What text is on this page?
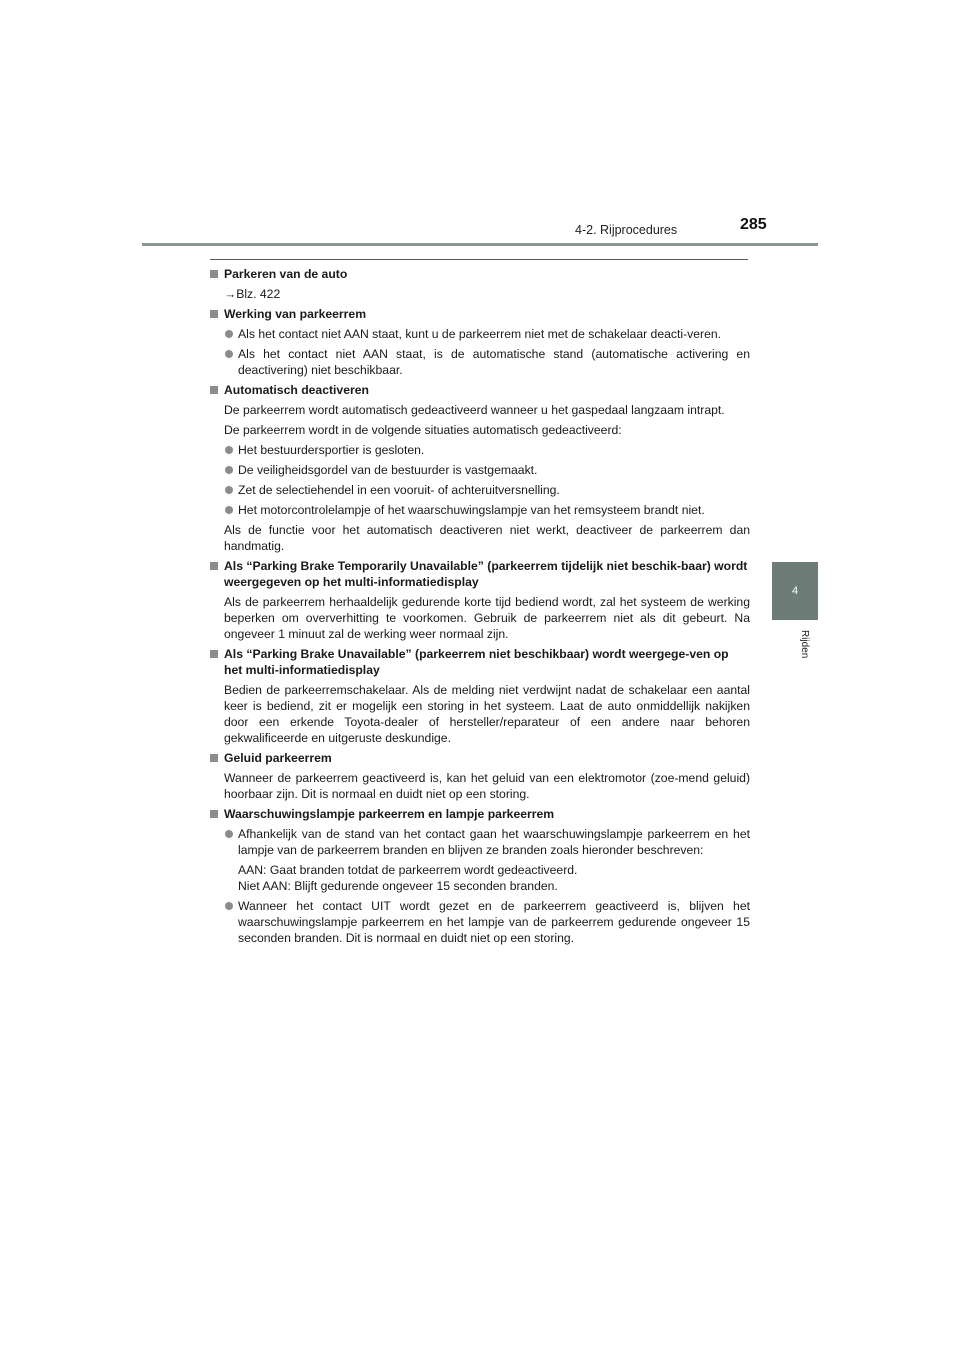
4-2. Rijprocedures	285
4
Rijden
Parkeren van de auto
→Blz. 422
Werking van parkeerrem
Als het contact niet AAN staat, kunt u de parkeerrem niet met de schakelaar deacti-veren.
Als het contact niet AAN staat, is de automatische stand (automatische activering en deactivering) niet beschikbaar.
Automatisch deactiveren
De parkeerrem wordt automatisch gedeactiveerd wanneer u het gaspedaal langzaam intrapt.
De parkeerrem wordt in de volgende situaties automatisch gedeactiveerd:
Het bestuurdersportier is gesloten.
De veiligheidsgordel van de bestuurder is vastgemaakt.
Zet de selectiehendel in een vooruit- of achteruitversnelling.
Het motorcontrolelampje of het waarschuwingslampje van het remsysteem brandt niet.
Als de functie voor het automatisch deactiveren niet werkt, deactiveer de parkeerrem dan handmatig.
Als “Parking Brake Temporarily Unavailable” (parkeerrem tijdelijk niet beschik-baar) wordt weergegeven op het multi-informatiedisplay
Als de parkeerrem herhaaldelijk gedurende korte tijd bediend wordt, zal het systeem de werking beperken om oververhitting te voorkomen. Gebruik de parkeerrem niet als dit gebeurt. Na ongeveer 1 minuut zal de werking weer normaal zijn.
Als “Parking Brake Unavailable” (parkeerrem niet beschikbaar) wordt weergege-ven op het multi-informatiedisplay
Bedien de parkeerremschakelaar. Als de melding niet verdwijnt nadat de schakelaar een aantal keer is bediend, zit er mogelijk een storing in het systeem. Laat de auto onmiddellijk nakijken door een erkende Toyota-dealer of hersteller/reparateur of een andere naar behoren gekwalificeerde en uitgeruste deskundige.
Geluid parkeerrem
Wanneer de parkeerrem geactiveerd is, kan het geluid van een elektromotor (zoe-mend geluid) hoorbaar zijn. Dit is normaal en duidt niet op een storing.
Waarschuwingslampje parkeerrem en lampje parkeerrem
Afhankelijk van de stand van het contact gaan het waarschuwingslampje parkeerrem en het lampje van de parkeerrem branden en blijven ze branden zoals hieronder beschreven:
AAN: Gaat branden totdat de parkeerrem wordt gedeactiveerd.
Niet AAN: Blijft gedurende ongeveer 15 seconden branden.
Wanneer het contact UIT wordt gezet en de parkeerrem geactiveerd is, blijven het waarschuwingslampje parkeerrem en het lampje van de parkeerrem gedurende ongeveer 15 seconden branden. Dit is normaal en duidt niet op een storing.
